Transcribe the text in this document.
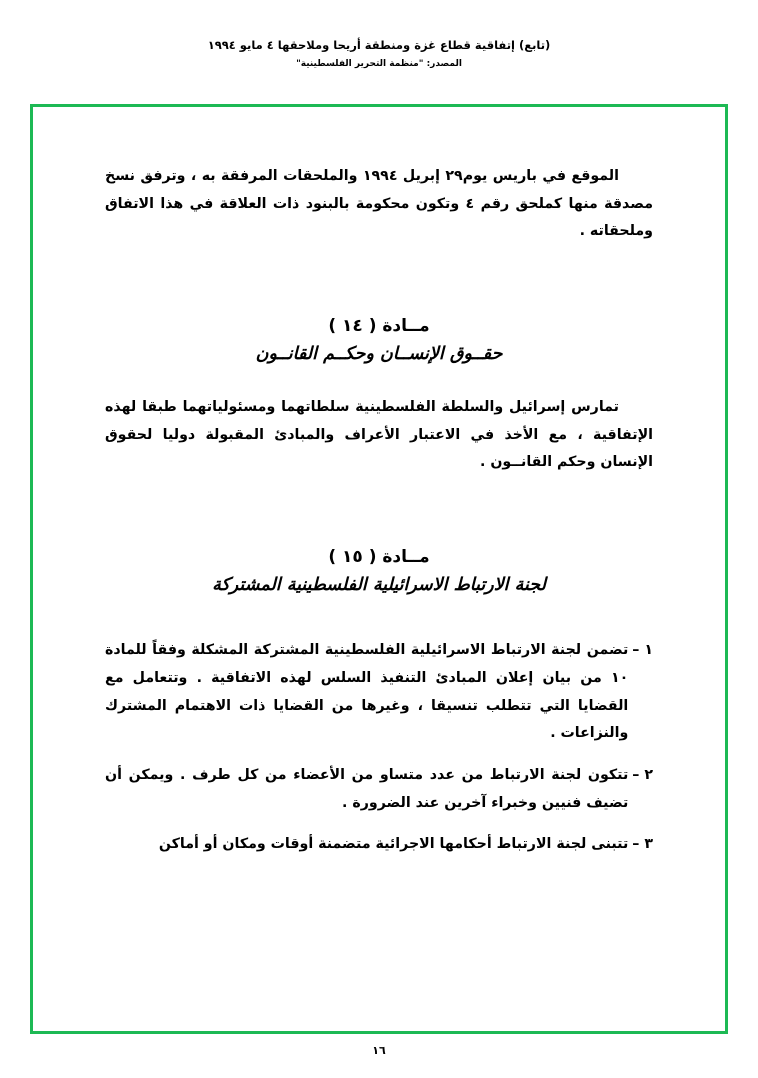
(تابع) إتفاقية قطاع غزة ومنطقة أريحا وملاحقها ٤ مايو ١٩٩٤
المصدر: "منظمة التحرير الفلسطينية"

الموقع في باريس يوم٢٩ إبريل ١٩٩٤ والملحقات المرفقة به ، وترفق نسخ مصدقة منها كملحق رقم ٤ وتكون محكومة بالبنود ذات العلاقة في هذا الاتفاق وملحقاته .

مــادة ( ١٤ )
حقــوق الإنســان وحكــم القانــون

تمارس إسرائيل والسلطة الفلسطينية سلطاتهما ومسئولياتهما طبقا لهذه الإتفاقية ، مع الأخذ في الاعتبار الأعراف والمبادئ المقبولة دوليا لحقوق الإنسان وحكم القانــون .

مــادة ( ١٥ )
لجنة الارتباط الاسرائيلية الفلسطينية المشتركة
١ –
تضمن لجنة الارتباط الاسرائيلية الفلسطينية المشتركة المشكلة وفقاً للمادة ١٠ من بيان إعلان المبادئ التنفيذ السلس لهذه الاتفاقية . وتتعامل مع القضايا التي تتطلب تنسيقا ، وغيرها من القضايا ذات الاهتمام المشترك والنزاعات .
٢ –
تتكون لجنة الارتباط من عدد متساو من الأعضاء من كل طرف . ويمكن أن تضيف فنيين وخبراء آخرين عند الضرورة .
٣ –
تتبنى لجنة الارتباط أحكامها الاجرائية متضمنة أوقات ومكان أو أماكن
١٦
